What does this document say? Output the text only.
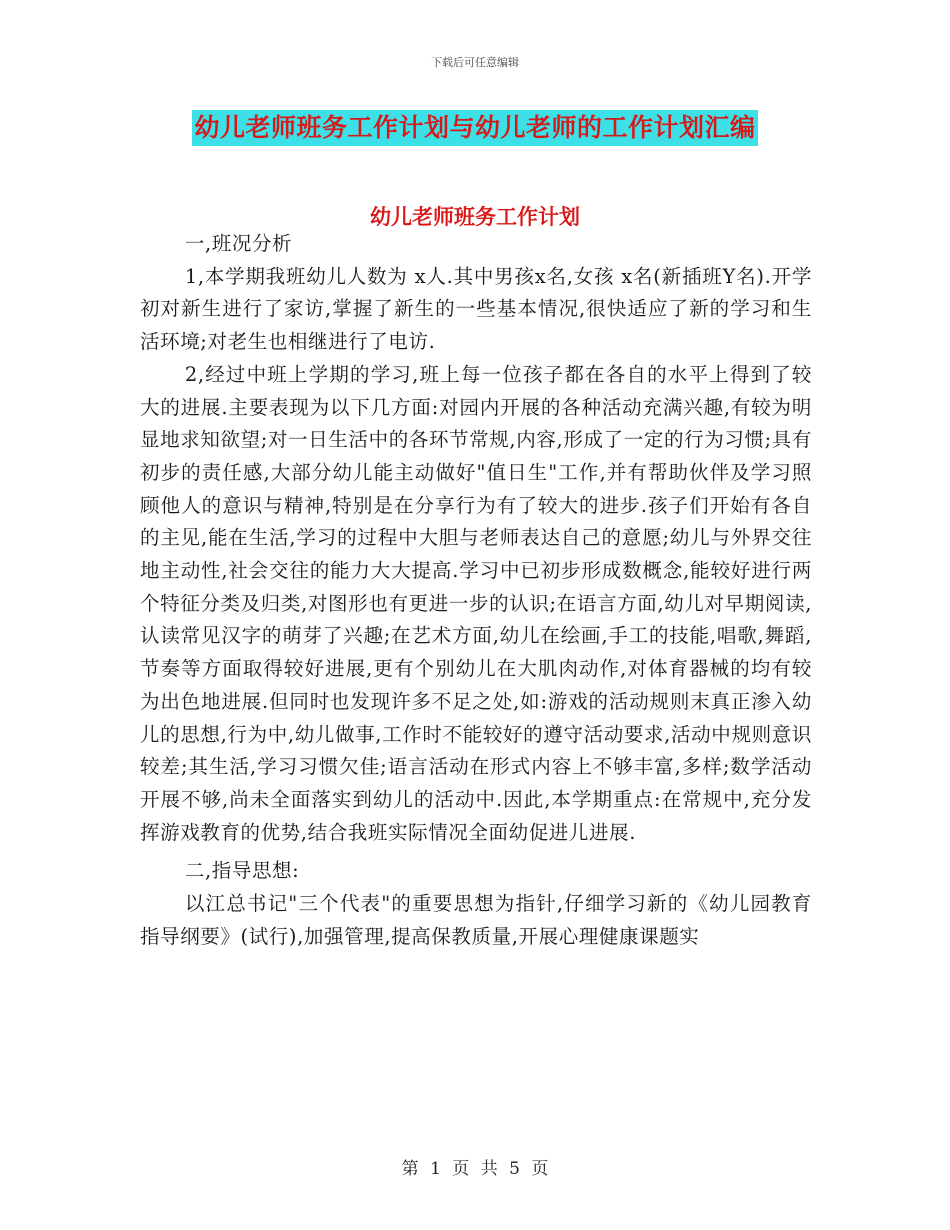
下载后可任意编辑
幼儿老师班务工作计划与幼儿老师的工作计划汇编
幼儿老师班务工作计划

一,班况分析

1,本学期我班幼儿人数为 x人.其中男孩x名,女孩 x名(新插班Y名).开学初对新生进行了家访,掌握了新生的一些基本情况,很快适应了新的学习和生活环境;对老生也相继进行了电访.

2,经过中班上学期的学习,班上每一位孩子都在各自的水平上得到了较大的进展.主要表现为以下几方面:对园内开展的各种活动充满兴趣,有较为明显地求知欲望;对一日生活中的各环节常规,内容,形成了一定的行为习惯;具有初步的责任感,大部分幼儿能主动做好"值日生"工作,并有帮助伙伴及学习照顾他人的意识与精神,特别是在分享行为有了较大的进步.孩子们开始有各自的主见,能在生活,学习的过程中大胆与老师表达自己的意愿;幼儿与外界交往地主动性,社会交往的能力大大提高.学习中已初步形成数概念,能较好进行两个特征分类及归类,对图形也有更进一步的认识;在语言方面,幼儿对早期阅读,认读常见汉字的萌芽了兴趣;在艺术方面,幼儿在绘画,手工的技能,唱歌,舞蹈,节奏等方面取得较好进展,更有个别幼儿在大肌肉动作,对体育器械的均有较为出色地进展.但同时也发现许多不足之处,如:游戏的活动规则末真正渗入幼儿的思想,行为中,幼儿做事,工作时不能较好的遵守活动要求,活动中规则意识较差;其生活,学习习惯欠佳;语言活动在形式内容上不够丰富,多样;数学活动开展不够,尚未全面落实到幼儿的活动中.因此,本学期重点:在常规中,充分发挥游戏教育的优势,结合我班实际情况全面幼促进儿进展.

二,指导思想:

以江总书记"三个代表"的重要思想为指针,仔细学习新的《幼儿园教育指导纲要》(试行),加强管理,提高保教质量,开展心理健康课题实

第 1 页 共 5 页
